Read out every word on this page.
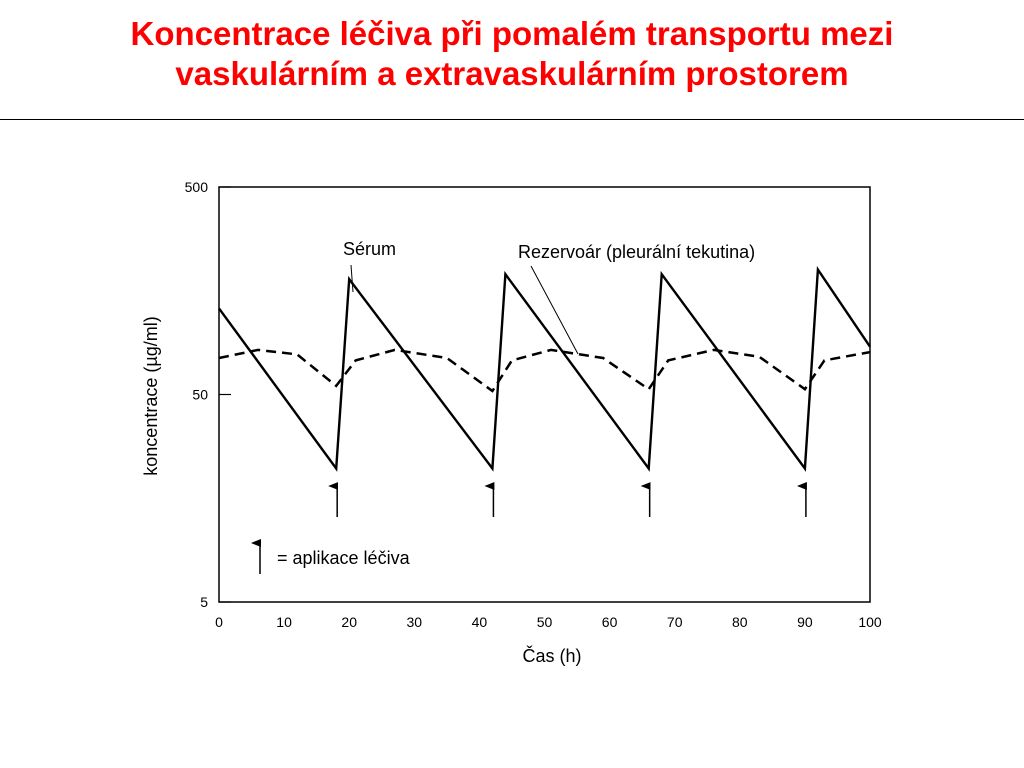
Koncentrace léčiva při pomalém transportu mezi
vaskulárním a extravaskulárním prostorem
0	10	20	30	40	50	60	70	80	90	100
500
50
5
Čas (h)
koncentrace (µg/ml)
Sérum	Rezervoár (pleurální tekutina)
= aplikace léčiva
